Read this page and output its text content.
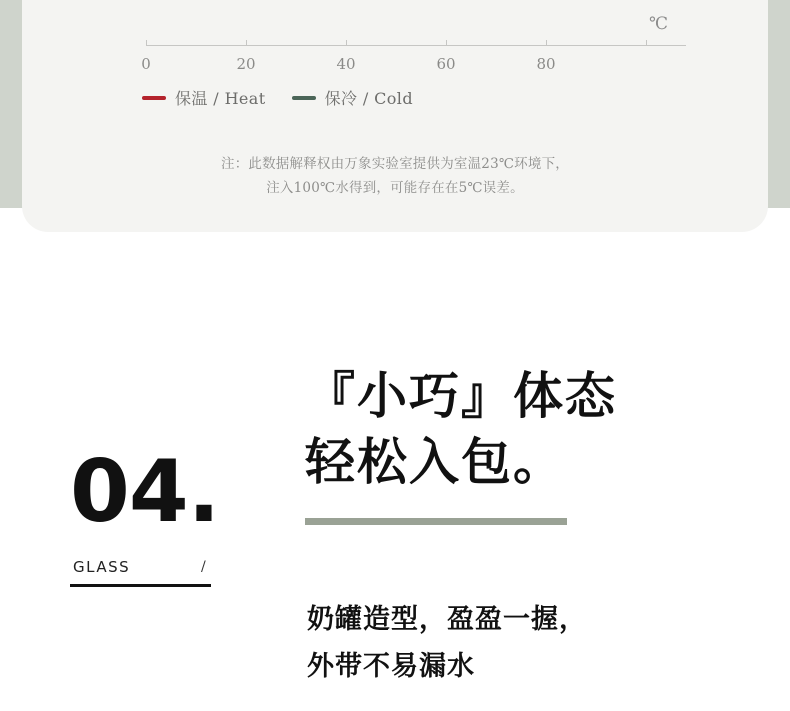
℃
0	20	40	60	80
保温 / Heat	保冷 / Cold
注：此数据解释权由万象实验室提供为室温23℃环境下，
注入100℃水得到，可能存在在5℃误差。
04.
GLASS	/
『小巧』体态
轻松入包。
奶罐造型，盈盈一握，
外带不易漏水
